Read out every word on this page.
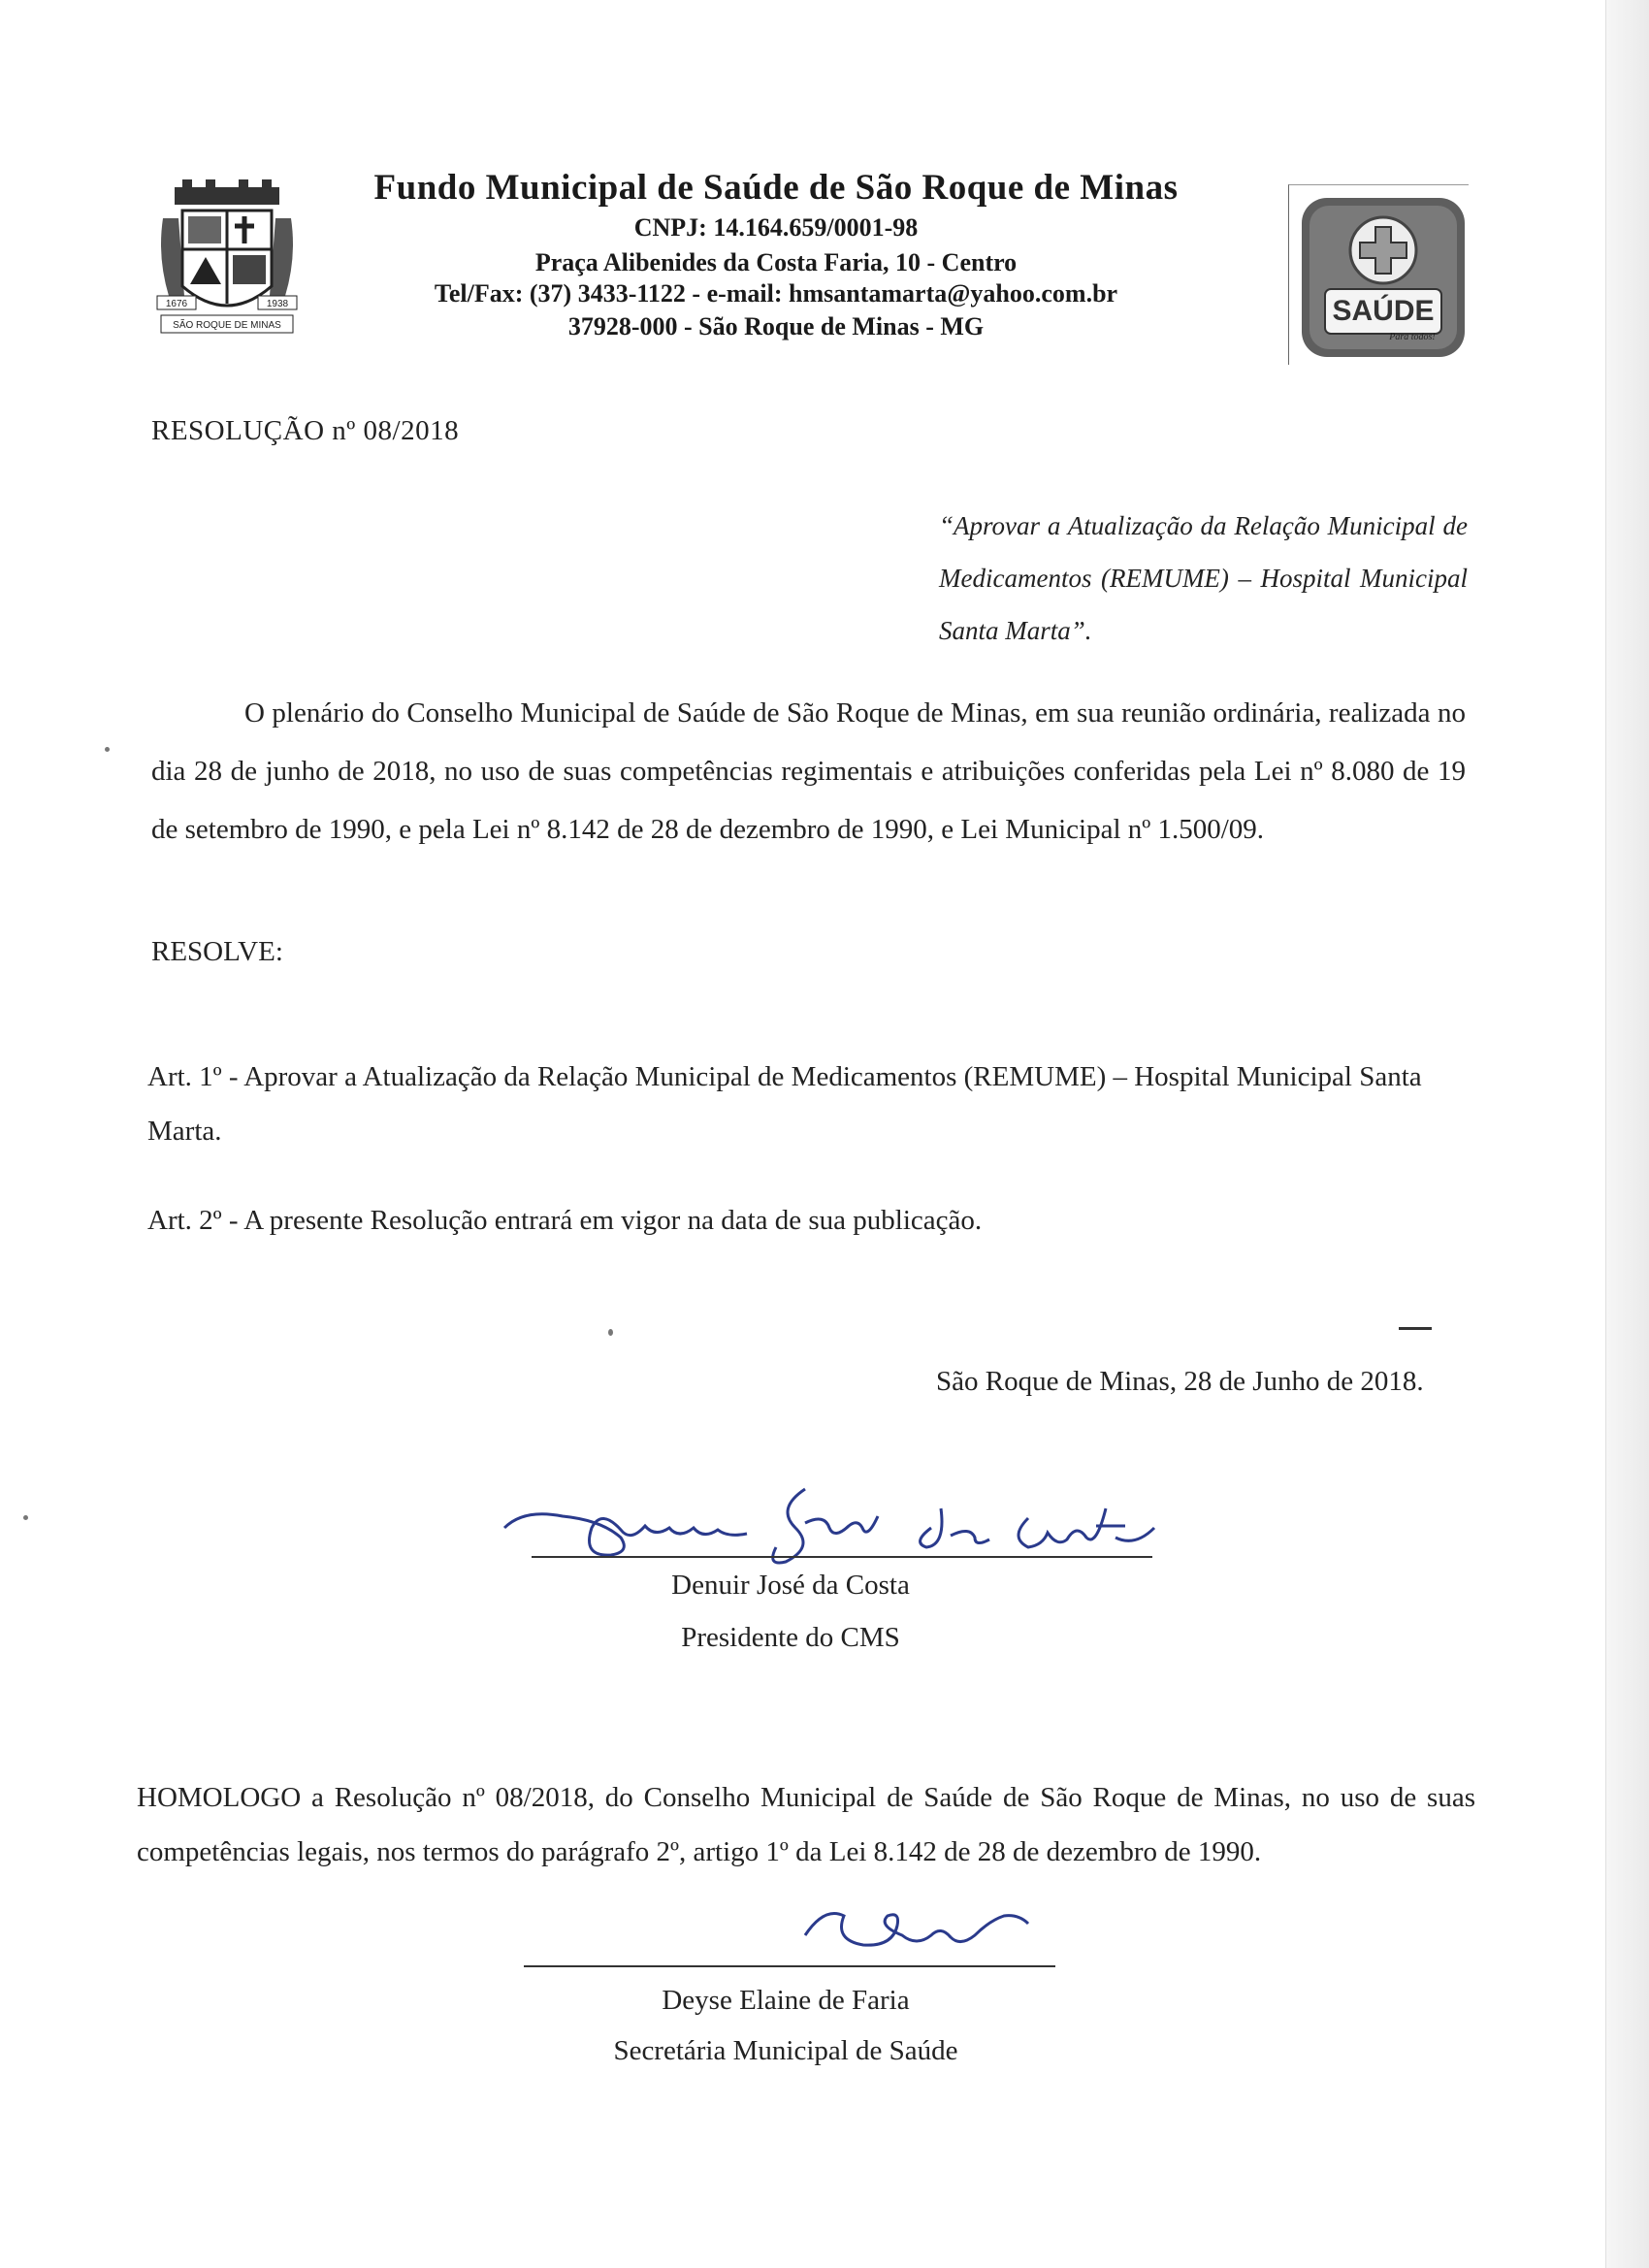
1676	1938
SÃO ROQUE DE MINAS
Fundo Municipal de Saúde de São Roque de Minas
CNPJ: 14.164.659/0001-98
Praça Alibenides da Costa Faria, 10 - Centro
Tel/Fax: (37) 3433-1122 - e-mail: hmsantamarta@yahoo.com.br
37928-000 - São Roque de Minas - MG	SAÚDE
Para todos!
RESOLUÇÃO nº 08/2018
“Aprovar a Atualização da Relação Municipal de Medicamentos (REMUME) – Hospital Municipal Santa Marta”.
O plenário do Conselho Municipal de Saúde de São Roque de Minas, em sua reunião ordinária, realizada no dia 28 de junho de 2018, no uso de suas competências regimentais e atribuições conferidas pela Lei nº 8.080 de 19 de setembro de 1990, e pela Lei nº 8.142 de 28 de dezembro de 1990, e Lei Municipal nº 1.500/09.
RESOLVE:
Art. 1º - Aprovar a Atualização da Relação Municipal de Medicamentos (REMUME) – Hospital Municipal Santa Marta.
Art. 2º - A presente Resolução entrará em vigor na data de sua publicação.
São Roque de Minas, 28 de Junho de 2018.
Denuir José da Costa
Presidente do CMS
HOMOLOGO a Resolução nº 08/2018, do Conselho Municipal de Saúde de São Roque de Minas, no uso de suas competências legais, nos termos do parágrafo 2º, artigo 1º da Lei 8.142 de 28 de dezembro de 1990.
Deyse Elaine de Faria
Secretária Municipal de Saúde
